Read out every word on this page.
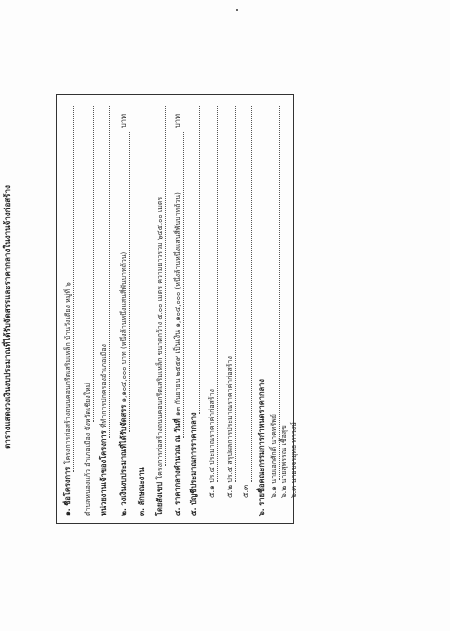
ตารางแสดงวงเงินงบประมาณที่ได้รับจัดสรรและราคากลางในงานจ้างก่อสร้าง
๑. ชื่อโครงการ โครงการก่อสร้างถนนคอนกรีตเสริมเหล็ก บ้านวังเตียง หมู่ที่ ๖ ตำบลหนองแก้ว อำเภอเมือง จังหวัดเชียงใหม่ หน่วยงานเจ้าของโครงการ ที่ทำการปกครองอำเภอเมือง
๒. วงเงินงบประมาณที่ได้รับจัดสรร ๑,๑๐๔,๐๐๐ บาท (หนึ่งล้านหนึ่งแสนสี่พันบาทถ้วน)
บาท
๓. ลักษณะงาน โดยสังเขป โครงการก่อสร้างถนนคอนกรีตเสริมเหล็ก ขนาดกว้าง ๕.๐๐ เมตร ความยาวรวม ๖๔๕.๐๐ เมตร ๔. ราคากลางคำนวณ ณ วันที่ ๑๓ กันยายน ๒๕๕๙ เป็นเงิน ๑,๑๐๔,๐๐๐ (หนึ่งล้านหนึ่งแสนสี่พันบาทถ้วน)
บาท
๕. บัญชีประมาณการราคากลาง ๕.๑ ปร.๔ ประมาณราคาค่าก่อสร้าง
๕.๒ ปร.๕ สรุปผลการประมาณราคาค่าก่อสร้าง
๕.๓ ๖. รายชื่อคณะกรรมการกำหนดราคากลาง ๖.๑ นายเอกศักดิ์ นาคทรัพย์
๖.๒ นายสุพรรณ เชื้อสุข
๖.๓ นายขจรยุทธ ทาวงษ์
